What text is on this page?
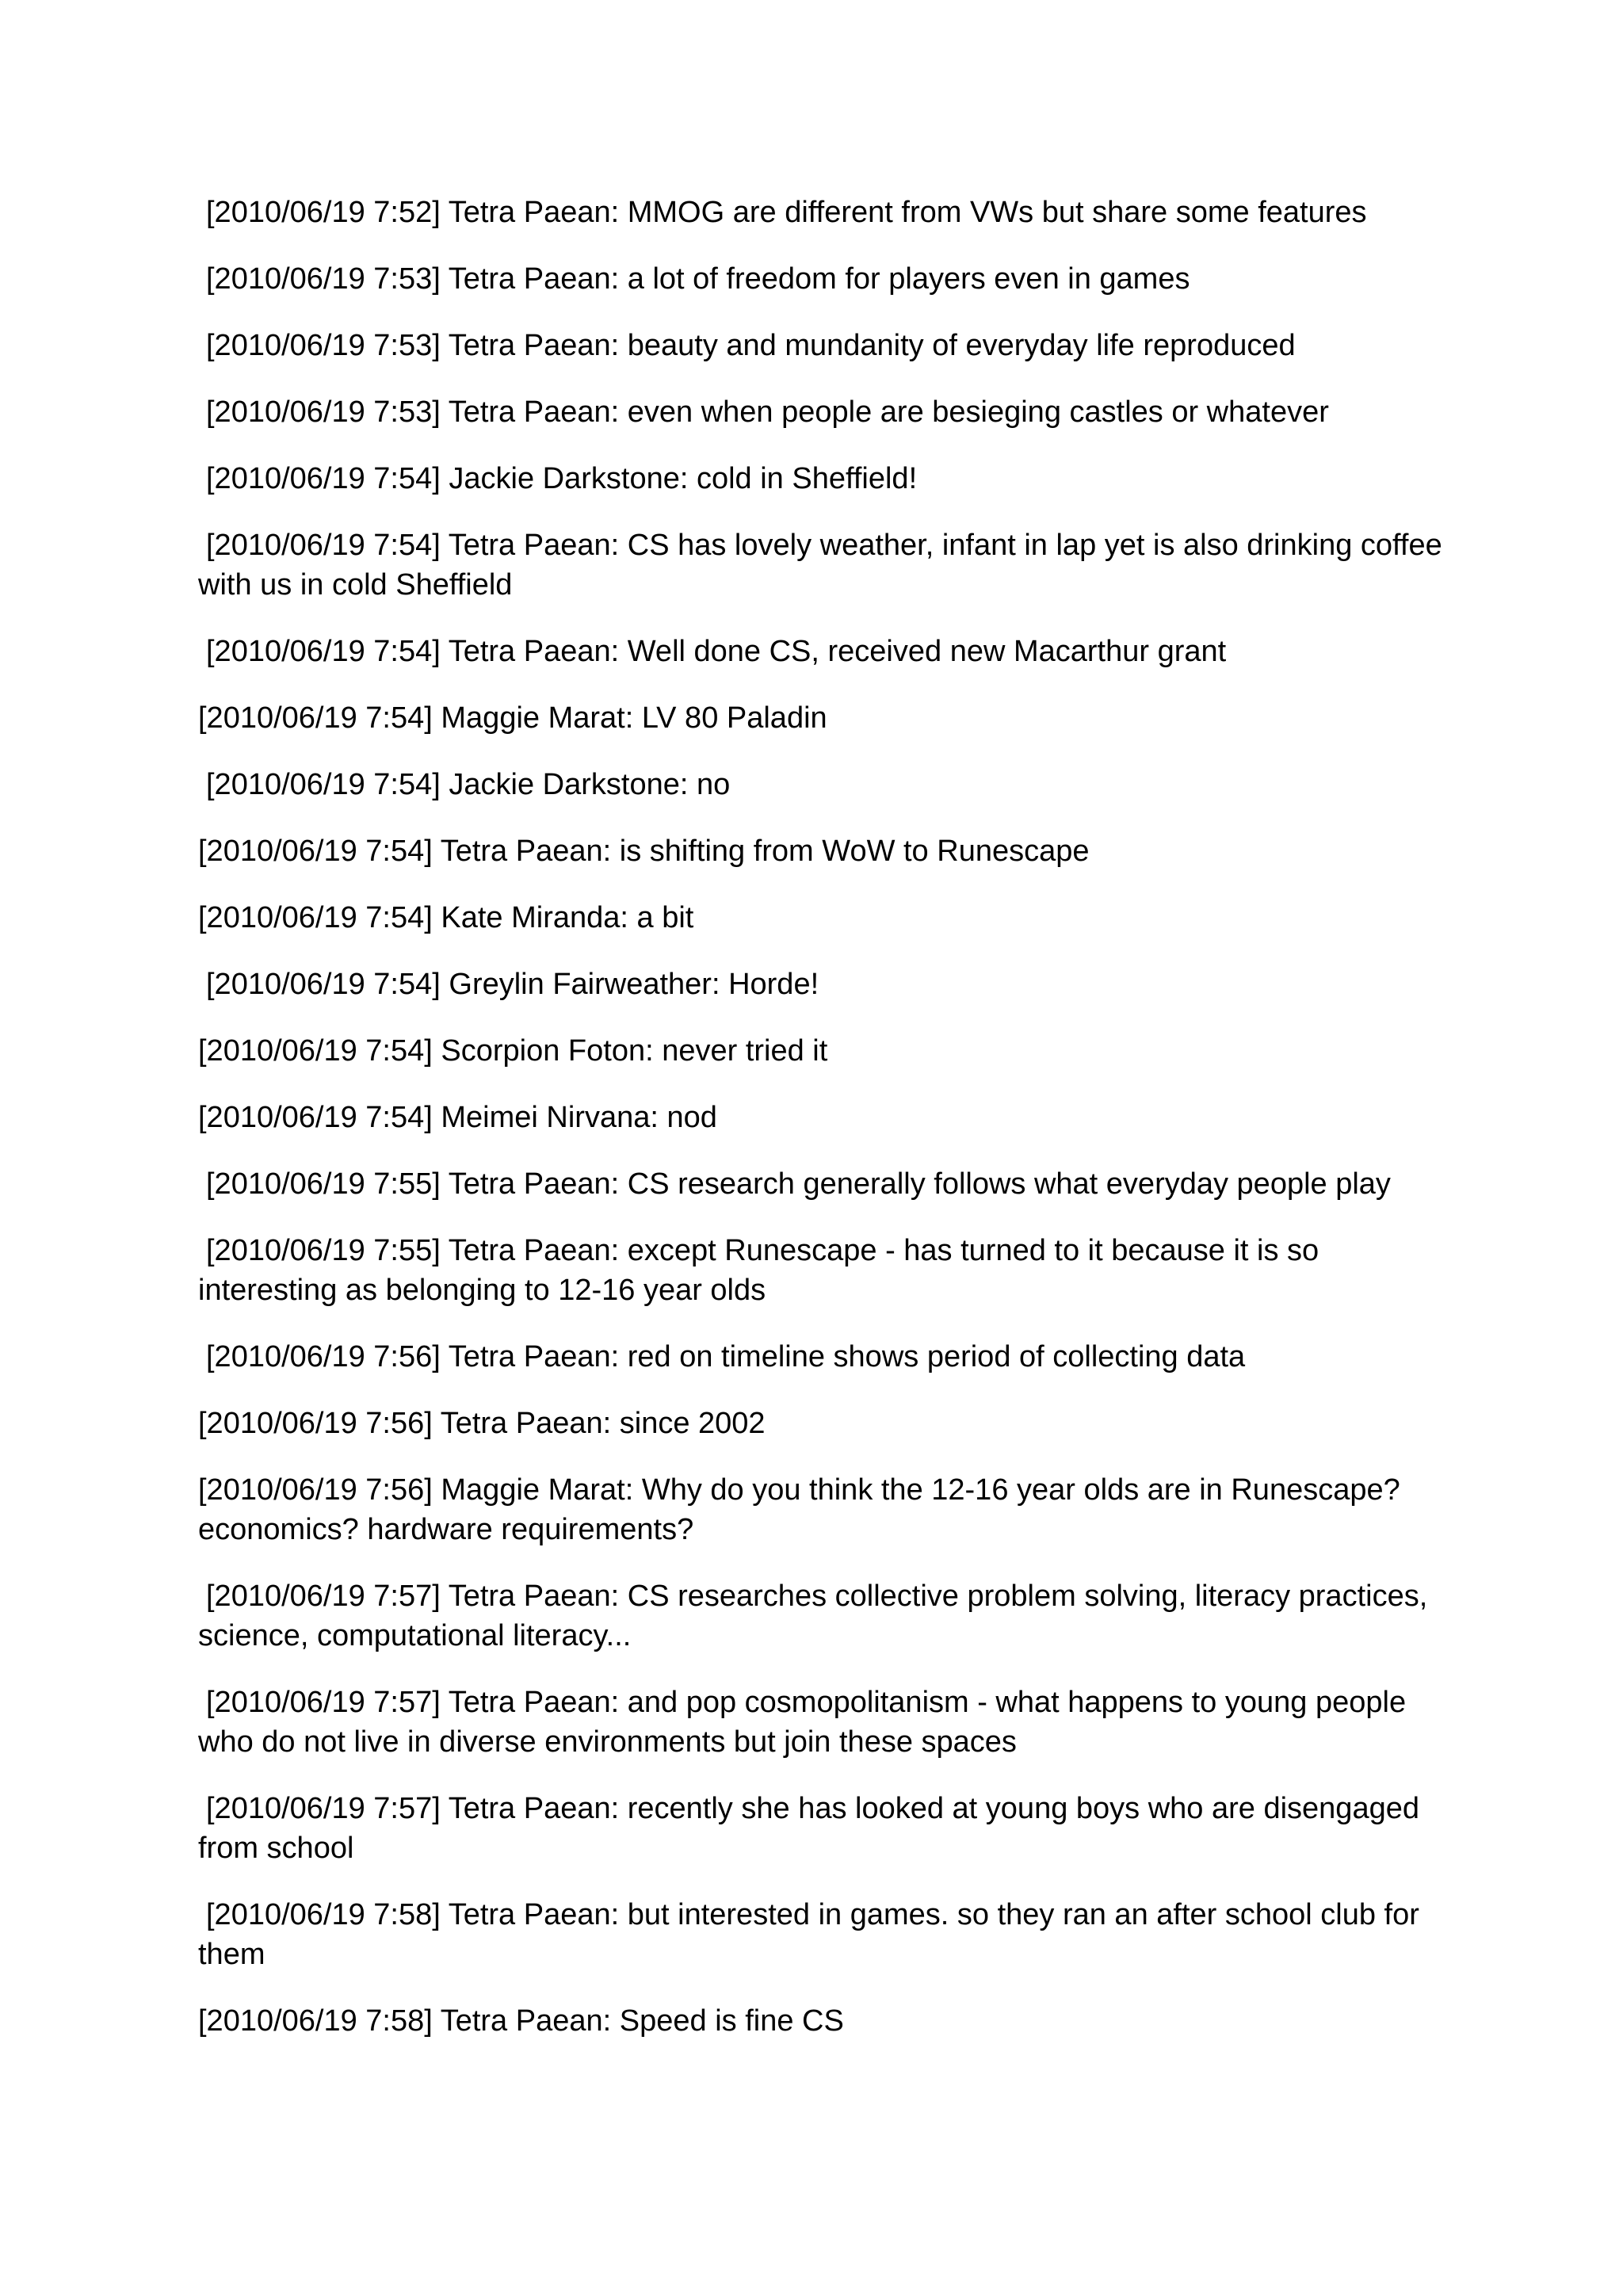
[2010/06/19 7:52] Tetra Paean: MMOG are different from VWs but share some features
[2010/06/19 7:53] Tetra Paean: a lot of freedom for players even in games
[2010/06/19 7:53] Tetra Paean: beauty and mundanity of everyday life reproduced
[2010/06/19 7:53] Tetra Paean: even when people are besieging castles or whatever
[2010/06/19 7:54] Jackie Darkstone: cold in Sheffield!
[2010/06/19 7:54] Tetra Paean: CS has lovely weather, infant in lap yet is also drinking coffee with us in cold Sheffield
[2010/06/19 7:54] Tetra Paean: Well done CS, received new Macarthur grant
[2010/06/19 7:54] Maggie Marat: LV 80 Paladin
[2010/06/19 7:54] Jackie Darkstone: no
[2010/06/19 7:54] Tetra Paean: is shifting from WoW to Runescape
[2010/06/19 7:54] Kate Miranda: a bit
[2010/06/19 7:54] Greylin Fairweather: Horde!
[2010/06/19 7:54] Scorpion Foton: never tried it
[2010/06/19 7:54] Meimei Nirvana: nod
[2010/06/19 7:55] Tetra Paean: CS research generally follows what everyday people play
[2010/06/19 7:55] Tetra Paean: except Runescape - has turned to it because it is so interesting as belonging to 12-16 year olds
[2010/06/19 7:56] Tetra Paean: red on timeline shows period of collecting data
[2010/06/19 7:56] Tetra Paean: since 2002
[2010/06/19 7:56] Maggie Marat: Why do you think the 12-16 year olds are in Runescape? economics? hardware requirements?
[2010/06/19 7:57] Tetra Paean: CS researches collective problem solving, literacy practices, science, computational literacy...
[2010/06/19 7:57] Tetra Paean: and pop cosmopolitanism - what happens to young people who do not live in diverse environments but join these spaces
[2010/06/19 7:57] Tetra Paean: recently she has looked at young boys who are disengaged from school
[2010/06/19 7:58] Tetra Paean: but interested in games. so they ran an after school club for them
[2010/06/19 7:58] Tetra Paean: Speed is fine CS
